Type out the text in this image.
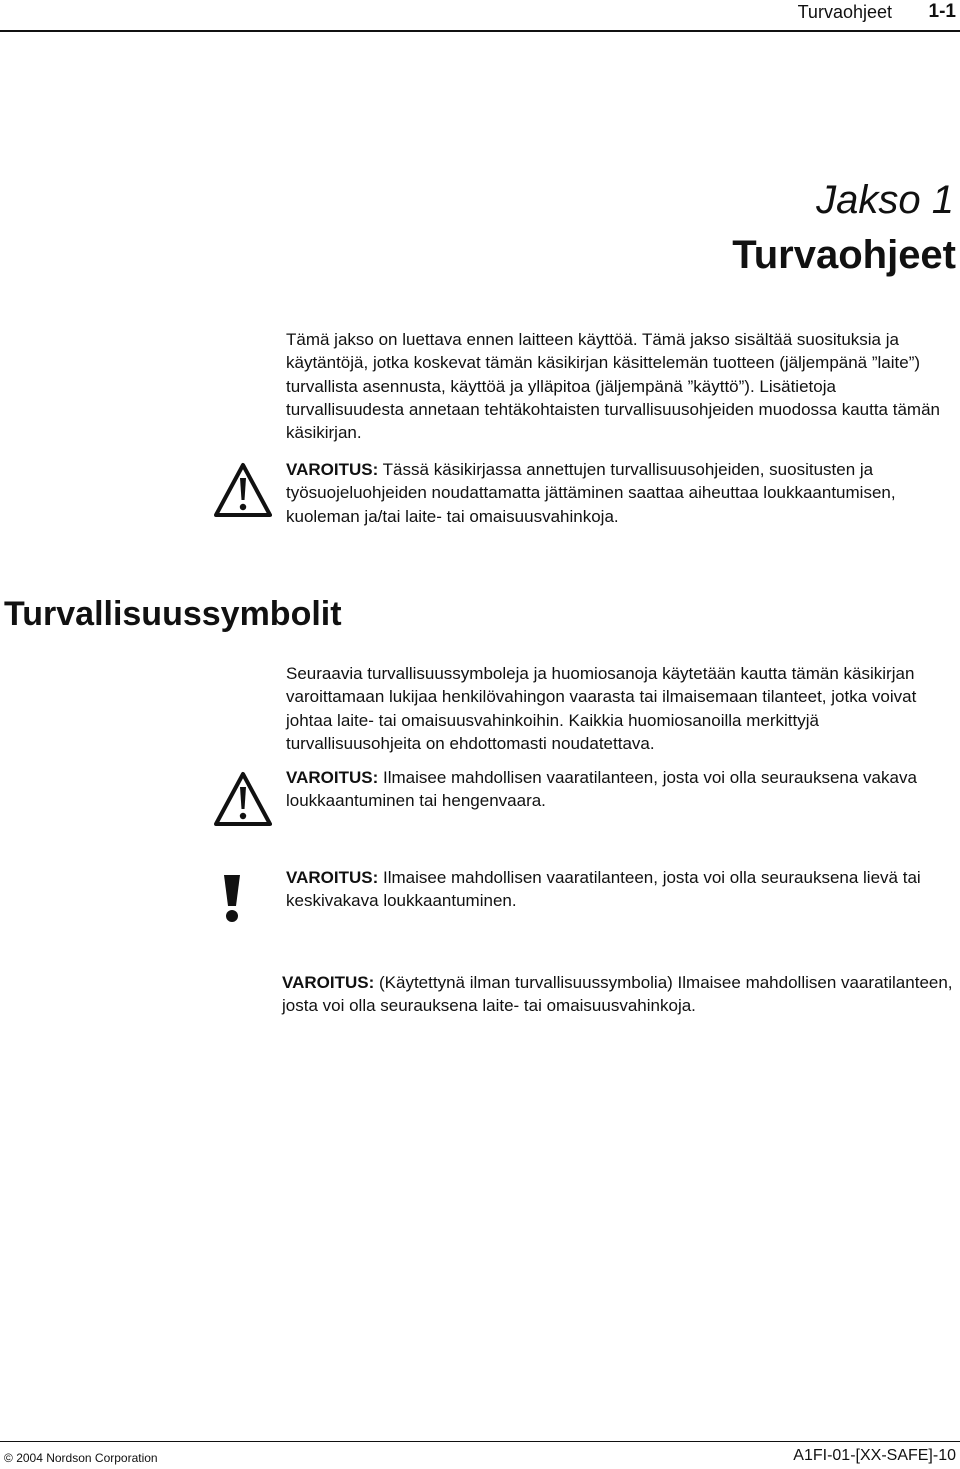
Turvaohjeet 1-1
Jakso 1
Turvaohjeet

Tämä jakso on luettava ennen laitteen käyttöä. Tämä jakso sisältää suosituksia ja käytäntöjä, jotka koskevat tämän käsikirjan käsittelemän tuotteen (jäljempänä ”laite”) turvallista asennusta, käyttöä ja ylläpitoa (jäljempänä ”käyttö”). Lisätietoja turvallisuudesta annetaan tehtäkohtaisten turvallisuusohjeiden muodossa kautta tämän käsikirjan.

VAROITUS: Tässä käsikirjassa annettujen turvallisuusohjeiden, suositusten ja työsuojeluohjeiden noudattamatta jättäminen saattaa aiheuttaa loukkaantumisen, kuoleman ja/tai laite- tai omaisuusvahinkoja.
Turvallisuussymbolit

Seuraavia turvallisuussymboleja ja huomiosanoja käytetään kautta tämän käsikirjan varoittamaan lukijaa henkilövahingon vaarasta tai ilmaisemaan tilanteet, jotka voivat johtaa laite- tai omaisuusvahinkoihin. Kaikkia huomiosanoilla merkittyjä turvallisuusohjeita on ehdottomasti noudatettava.

VAROITUS: Ilmaisee mahdollisen vaaratilanteen, josta voi olla seurauksena vakava loukkaantuminen tai hengenvaara.
VAROITUS: Ilmaisee mahdollisen vaaratilanteen, josta voi olla seurauksena lievä tai keskivakava loukkaantuminen.
VAROITUS: (Käytettynä ilman turvallisuussymbolia) Ilmaisee mahdollisen vaaratilanteen, josta voi olla seurauksena laite- tai omaisuusvahinkoja.
© 2004 Nordson Corporation	A1FI-01-[XX-SAFE]-10
